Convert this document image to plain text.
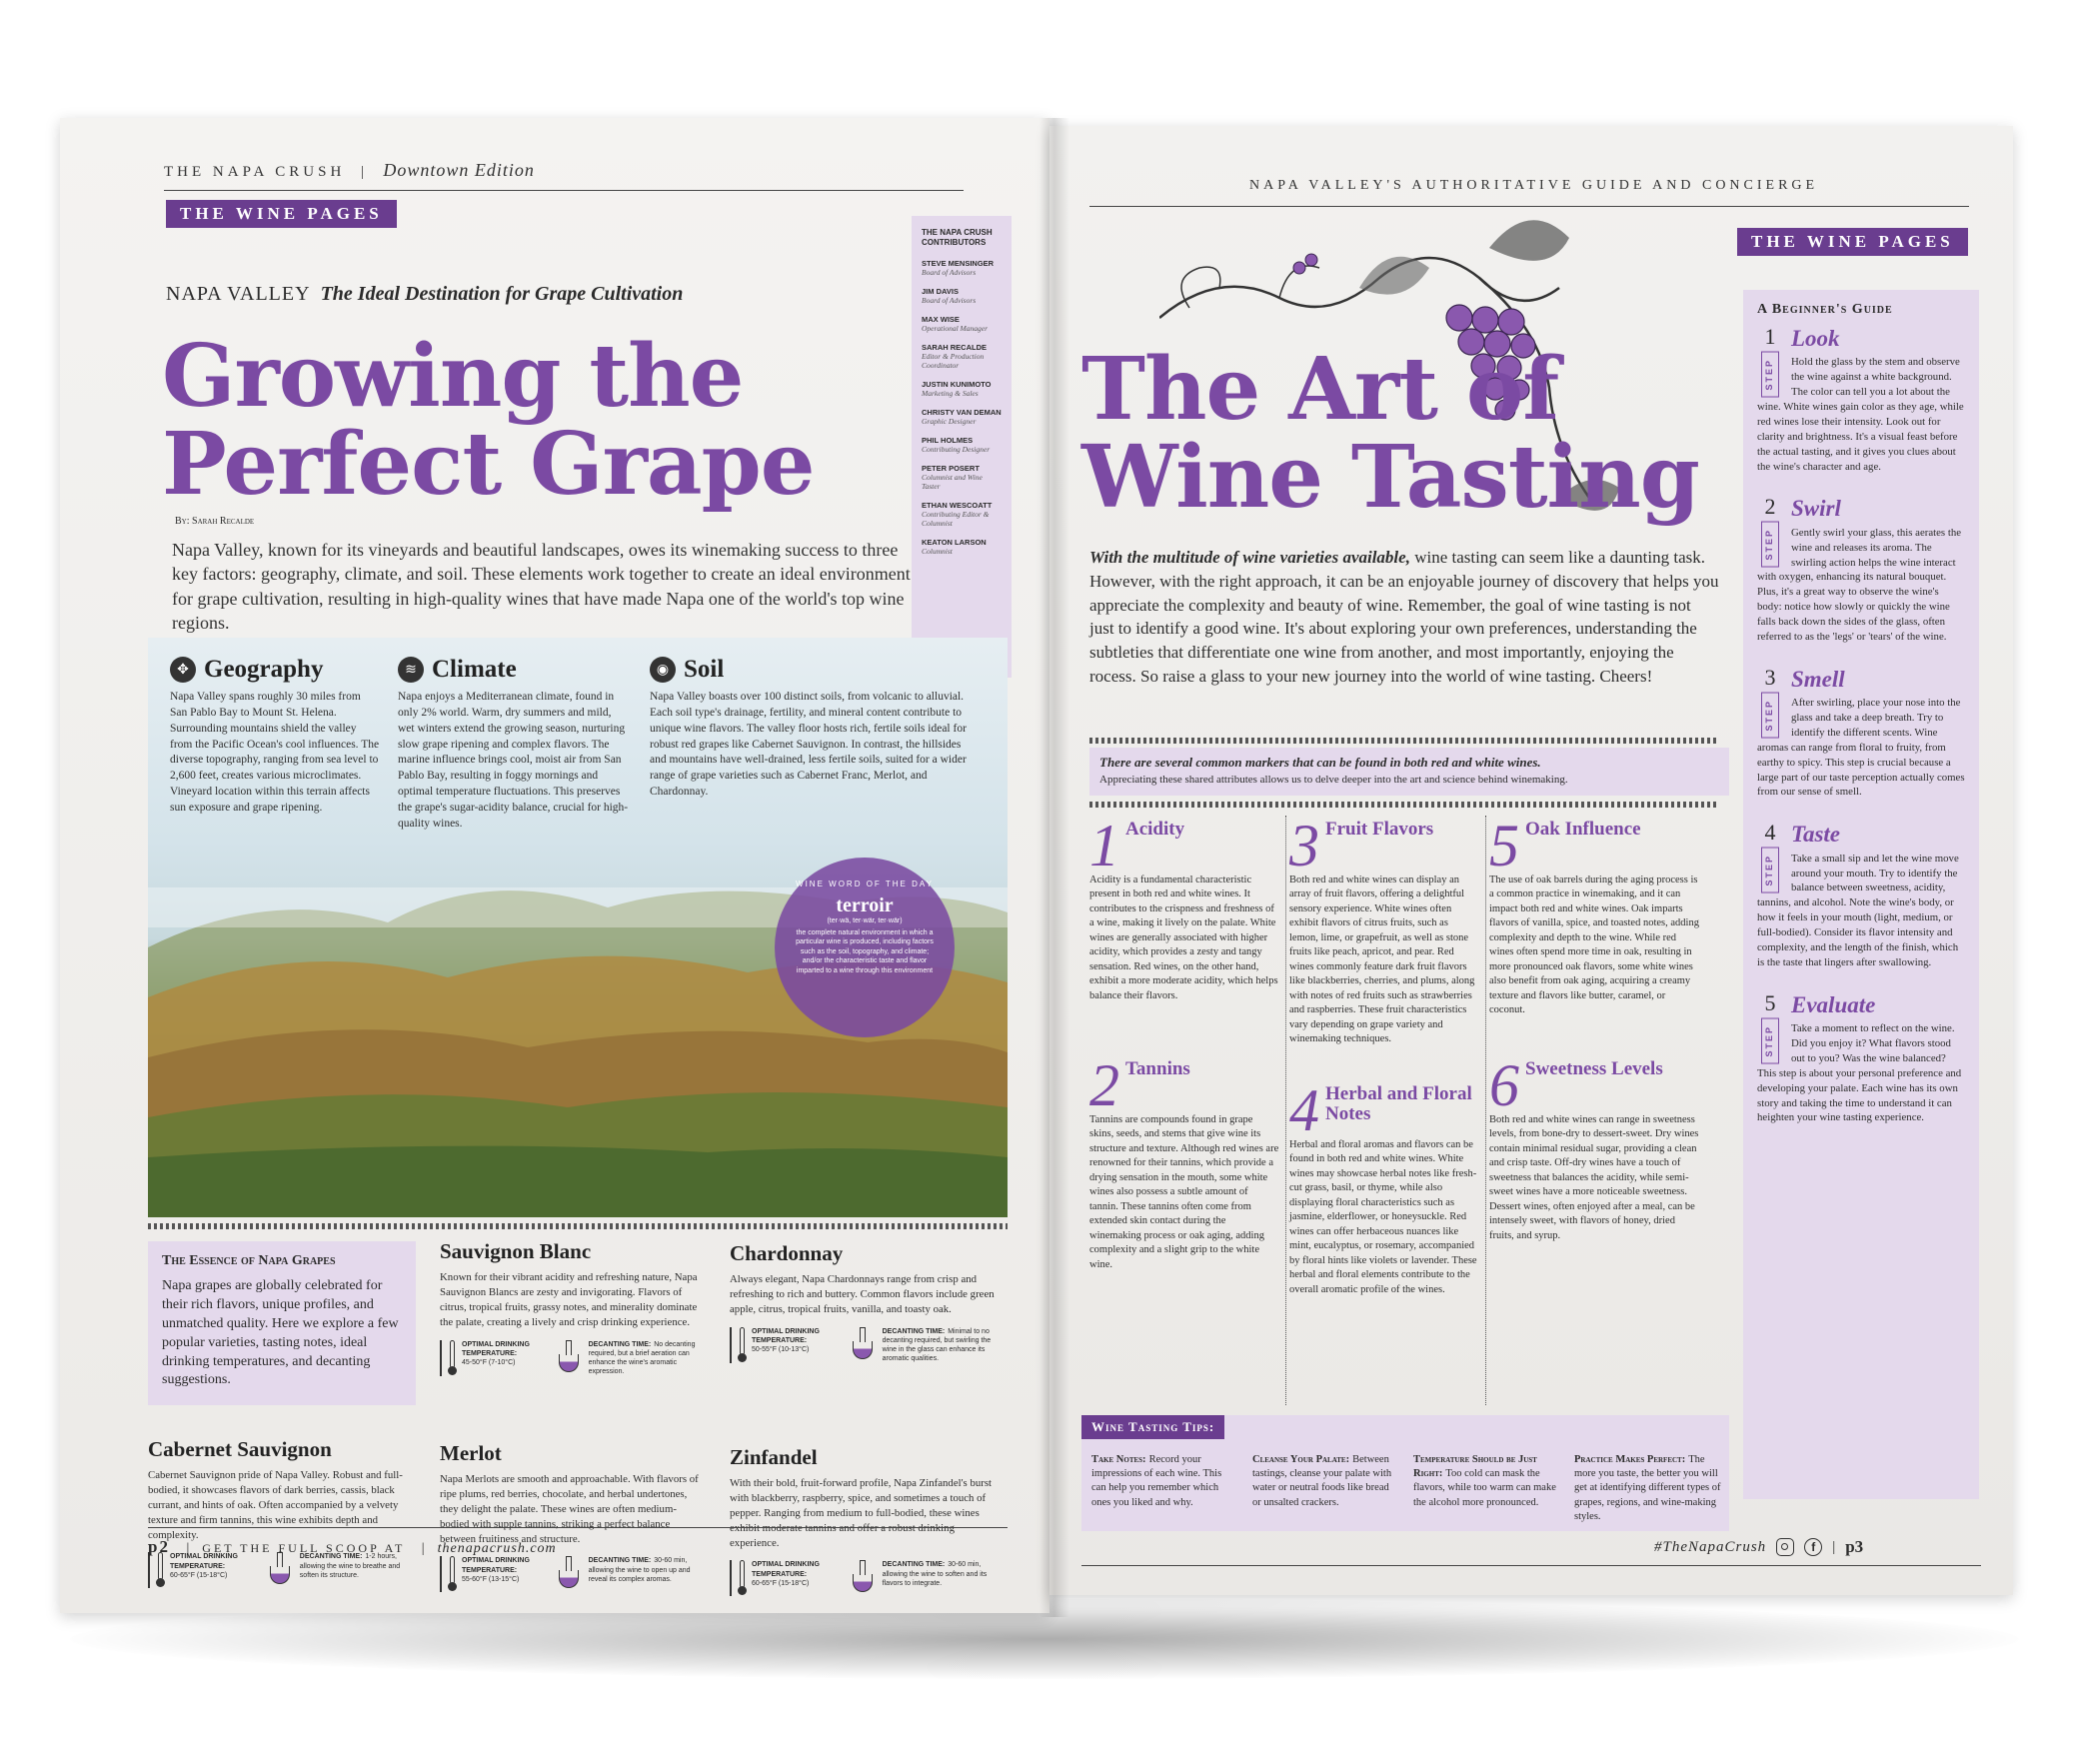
THE NAPA CRUSH | Downtown Edition
THE WINE PAGES
NAPA VALLEY The Ideal Destination for Grape Cultivation
Growing the
Perfect Grape
By: Sarah Recalde
THE NAPA CRUSH CONTRIBUTORS
STEVE MENSINGER
Board of Advisors
JIM DAVIS
Board of Advisors
MAX WISE
Operational Manager
SARAH RECALDE
Editor & Production Coordinator
JUSTIN KUNIMOTO
Marketing & Sales
CHRISTY VAN DEMAN
Graphic Designer
PHIL HOLMES
Contributing Designer
PETER POSERT
Columnist and Wine Taster
ETHAN WESCOATT
Contributing Editor & Columnist
KEATON LARSON
Columnist
Napa Valley, known for its vineyards and beautiful landscapes, owes its winemaking success to three key factors: geography, climate, and soil. These elements work together to create an ideal environment for grape cultivation, resulting in high-quality wines that have made Napa one of the world's top wine regions.
✥ Geography
Napa Valley spans roughly 30 miles from San Pablo Bay to Mount St. Helena. Surrounding mountains shield the valley from the Pacific Ocean's cool influences. The diverse topography, ranging from sea level to 2,600 feet, creates various microclimates. Vineyard location within this terrain affects sun exposure and grape ripening.
≋ Climate
Napa enjoys a Mediterranean climate, found in only 2% world. Warm, dry summers and mild, wet winters extend the growing season, nurturing slow grape ripening and complex flavors. The marine influence brings cool, moist air from San Pablo Bay, resulting in foggy mornings and optimal temperature fluctuations. This preserves the grape's sugar-acidity balance, crucial for high-quality wines.
◉ Soil
Napa Valley boasts over 100 distinct soils, from volcanic to alluvial. Each soil type's drainage, fertility, and mineral content contribute to unique wine flavors. The valley floor hosts rich, fertile soils ideal for robust red grapes like Cabernet Sauvignon. In contrast, the hillsides and mountains have well-drained, less fertile soils, suited for a wider range of grape varieties such as Cabernet Franc, Merlot, and Chardonnay.
WINE WORD OF THE DAY
terroir
(ter·wä, ter·wär, ter·wär)
the complete natural environment in which a particular wine is produced, including factors such as the soil, topography, and climate; and/or the characteristic taste and flavor imparted to a wine through this environment
The Essence of Napa Grapes
Napa grapes are globally celebrated for their rich flavors, unique profiles, and unmatched quality. Here we explore a few popular varieties, tasting notes, ideal drinking temperatures, and decanting suggestions.
Sauvignon Blanc
Known for their vibrant acidity and refreshing nature, Napa Sauvignon Blancs are zesty and invigorating. Flavors of citrus, tropical fruits, grassy notes, and minerality dominate the palate, creating a lively and crisp drinking experience.
OPTIMAL DRINKING TEMPERATURE:
45-50°F (7-10°C)
DECANTING TIME: No decanting required, but a brief aeration can enhance the wine's aromatic expression.
Chardonnay
Always elegant, Napa Chardonnays range from crisp and refreshing to rich and buttery. Common flavors include green apple, citrus, tropical fruits, vanilla, and toasty oak.
OPTIMAL DRINKING TEMPERATURE:
50-55°F (10-13°C)
DECANTING TIME: Minimal to no decanting required, but swirling the wine in the glass can enhance its aromatic qualities.
Cabernet Sauvignon
Cabernet Sauvignon pride of Napa Valley. Robust and full-bodied, it showcases flavors of dark berries, cassis, black currant, and hints of oak. Often accompanied by a velvety texture and firm tannins, this wine exhibits depth and complexity.
OPTIMAL DRINKING TEMPERATURE:
60-65°F (15-18°C)
DECANTING TIME: 1-2 hours, allowing the wine to breathe and soften its structure.
Merlot
Napa Merlots are smooth and approachable. With flavors of ripe plums, red berries, chocolate, and herbal undertones, they delight the palate. These wines are often medium-bodied with supple tannins, striking a perfect balance between fruitiness and structure.
OPTIMAL DRINKING TEMPERATURE:
55-60°F (13-15°C)
DECANTING TIME: 30-60 min, allowing the wine to open up and reveal its complex aromas.
Zinfandel
With their bold, fruit-forward profile, Napa Zinfandel's burst with blackberry, raspberry, spice, and sometimes a touch of pepper. Ranging from medium to full-bodied, these wines exhibit moderate tannins and offer a robust drinking experience.
OPTIMAL DRINKING TEMPERATURE:
60-65°F (15-18°C)
DECANTING TIME: 30-60 min, allowing the wine to soften and its flavors to integrate.
p2   |  GET THE FULL SCOOP AT   |  thenapacrush.com
NAPA VALLEY'S AUTHORITATIVE GUIDE AND CONCIERGE
THE WINE PAGES
The Art of
Wine Tasting
With the multitude of wine varieties available, wine tasting can seem like a daunting task. However, with the right approach, it can be an enjoyable journey of discovery that helps you appreciate the complexity and beauty of wine. Remember, the goal of wine tasting is not just to identify a good wine. It's about exploring your own preferences, understanding the subtleties that differentiate one wine from another, and most importantly, enjoying the rocess. So raise a glass to your new journey into the world of wine tasting. Cheers!
There are several common markers that can be found in both red and white wines.
Appreciating these shared attributes allows us to delve deeper into the art and science behind winemaking.
1 Acidity
Acidity is a fundamental characteristic present in both red and white wines. It contributes to the crispness and freshness of a wine, making it lively on the palate. White wines are generally associated with higher acidity, which provides a zesty and tangy sensation. Red wines, on the other hand, exhibit a more moderate acidity, which helps balance their flavors.
2 Tannins
Tannins are compounds found in grape skins, seeds, and stems that give wine its structure and texture. Although red wines are renowned for their tannins, which provide a drying sensation in the mouth, some white wines also possess a subtle amount of tannin. These tannins often come from extended skin contact during the winemaking process or oak aging, adding complexity and a slight grip to the white wine.
3 Fruit Flavors
Both red and white wines can display an array of fruit flavors, offering a delightful sensory experience. White wines often exhibit flavors of citrus fruits, such as lemon, lime, or grapefruit, as well as stone fruits like peach, apricot, and pear. Red wines commonly feature dark fruit flavors like blackberries, cherries, and plums, along with notes of red fruits such as strawberries and raspberries. These fruit characteristics vary depending on grape variety and winemaking techniques.
4 Herbal and Floral Notes
Herbal and floral aromas and flavors can be found in both red and white wines. White wines may showcase herbal notes like fresh-cut grass, basil, or thyme, while also displaying floral characteristics such as jasmine, elderflower, or honeysuckle. Red wines can offer herbaceous nuances like mint, eucalyptus, or rosemary, accompanied by floral hints like violets or lavender. These herbal and floral elements contribute to the overall aromatic profile of the wines.
5 Oak Influence
The use of oak barrels during the aging process is a common practice in winemaking, and it can impact both red and white wines. Oak imparts flavors of vanilla, spice, and toasted notes, adding complexity and depth to the wine. While red wines often spend more time in oak, resulting in more pronounced oak flavors, some white wines also benefit from oak aging, acquiring a creamy texture and flavors like butter, caramel, or coconut.
6 Sweetness Levels
Both red and white wines can range in sweetness levels, from bone-dry to dessert-sweet. Dry wines contain minimal residual sugar, providing a clean and crisp taste. Off-dry wines have a touch of sweetness that balances the acidity, while semi-sweet wines have a more noticeable sweetness. Dessert wines, often enjoyed after a meal, can be intensely sweet, with flavors of honey, dried fruits, and syrup.
A Beginner's Guide
1
STEP
Look
Hold the glass by the stem and observe the wine against a white background. The color can tell you a lot about the wine. White wines gain color as they age, while red wines lose their intensity. Look out for clarity and brightness. It's a visual feast before the actual tasting, and it gives you clues about the wine's character and age.
2
STEP
Swirl
Gently swirl your glass, this aerates the wine and releases its aroma. The swirling action helps the wine interact with oxygen, enhancing its natural bouquet. Plus, it's a great way to observe the wine's body: notice how slowly or quickly the wine falls back down the sides of the glass, often referred to as the 'legs' or 'tears' of the wine.
3
STEP
Smell
After swirling, place your nose into the glass and take a deep breath. Try to identify the different scents. Wine aromas can range from floral to fruity, from earthy to spicy. This step is crucial because a large part of our taste perception actually comes from our sense of smell.
4
STEP
Taste
Take a small sip and let the wine move around your mouth. Try to identify the balance between sweetness, acidity, tannins, and alcohol. Note the wine's body, or how it feels in your mouth (light, medium, or full-bodied). Consider its flavor intensity and complexity, and the length of the finish, which is the taste that lingers after swallowing.
5
STEP
Evaluate
Take a moment to reflect on the wine. Did you enjoy it? What flavors stood out to you? Was the wine balanced? This step is about your personal preference and developing your palate. Each wine has its own story and taking the time to understand it can heighten your wine tasting experience.
Wine Tasting Tips:
Take Notes: Record your impressions of each wine. This can help you remember which ones you liked and why.
Cleanse Your Palate: Between tastings, cleanse your palate with water or neutral foods like bread or unsalted crackers.
Temperature Should be Just Right: Too cold can mask the flavors, while too warm can make the alcohol more pronounced.
Practice Makes Perfect: The more you taste, the better you will get at identifying different types of grapes, regions, and wine-making styles.
#TheNapaCrush	f	| p3
